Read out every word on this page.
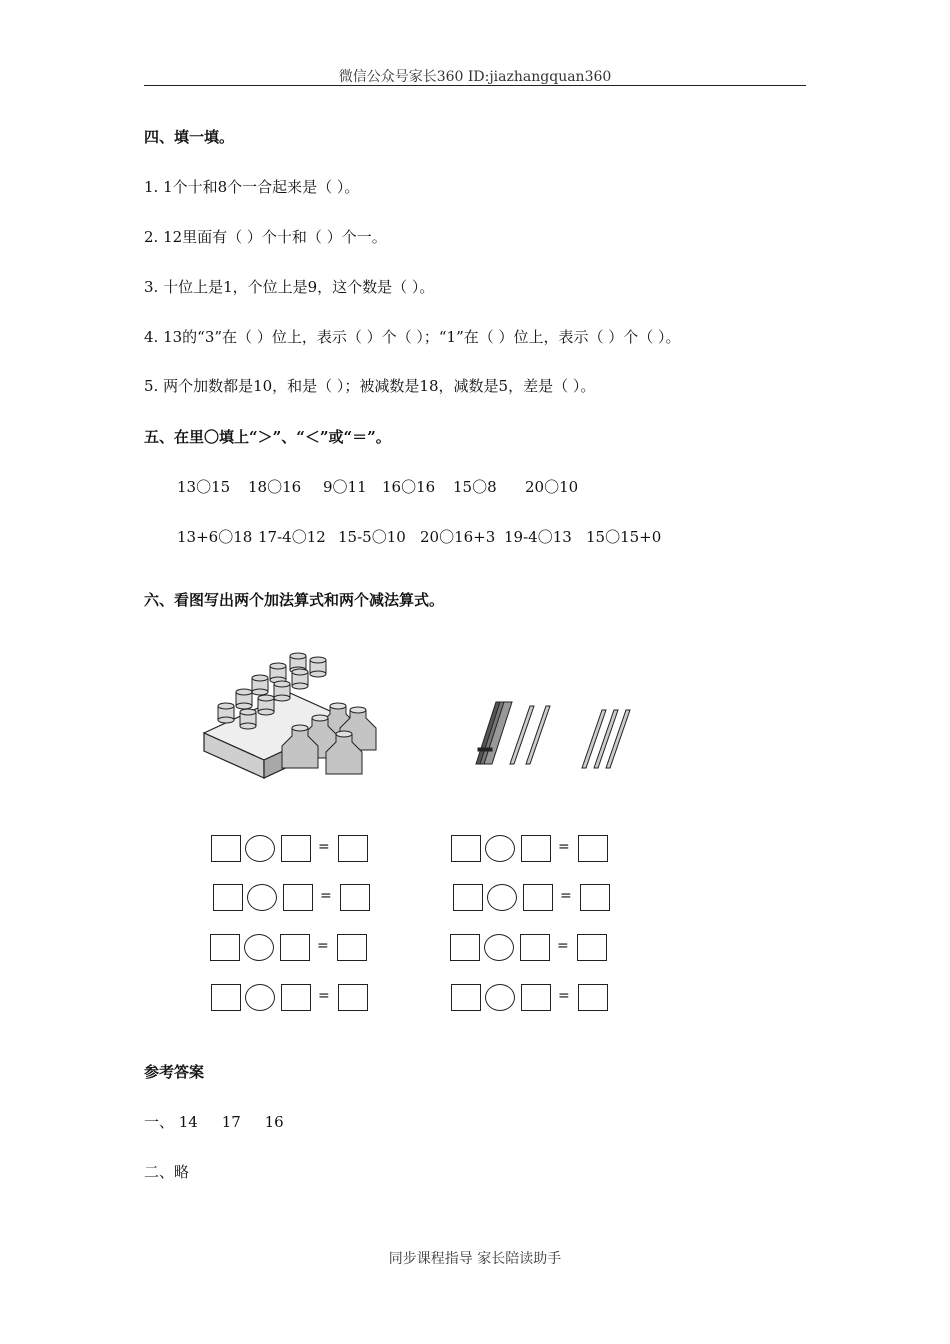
微信公众号家长360 ID:jiazhangquan360
四、填一填。
1. 1个十和8个一合起来是（ ）。
2. 12里面有（ ）个十和（ ）个一。
3. 十位上是1，个位上是9，这个数是（ ）。
4. 13的“3”在（ ）位上，表示（ ）个（ ）；“1”在（ ）位上，表示（ ）个（ ）。
5. 两个加数都是10，和是（ ）；被减数是18，减数是5，差是（ ）。
五、在里〇填上“＞”、“＜”或“＝”。
13〇15 18〇16 9〇11 16〇16 15〇8 20〇10
13+6〇18 17-4〇12 15-5〇10 20〇16+3 19-4〇13 15〇15+0
六、看图写出两个加法算式和两个减法算式。
=
=
=
=
=
=
=
=
参考答案
一、 14     17     16
二、略
同步课程指导 家长陪读助手
